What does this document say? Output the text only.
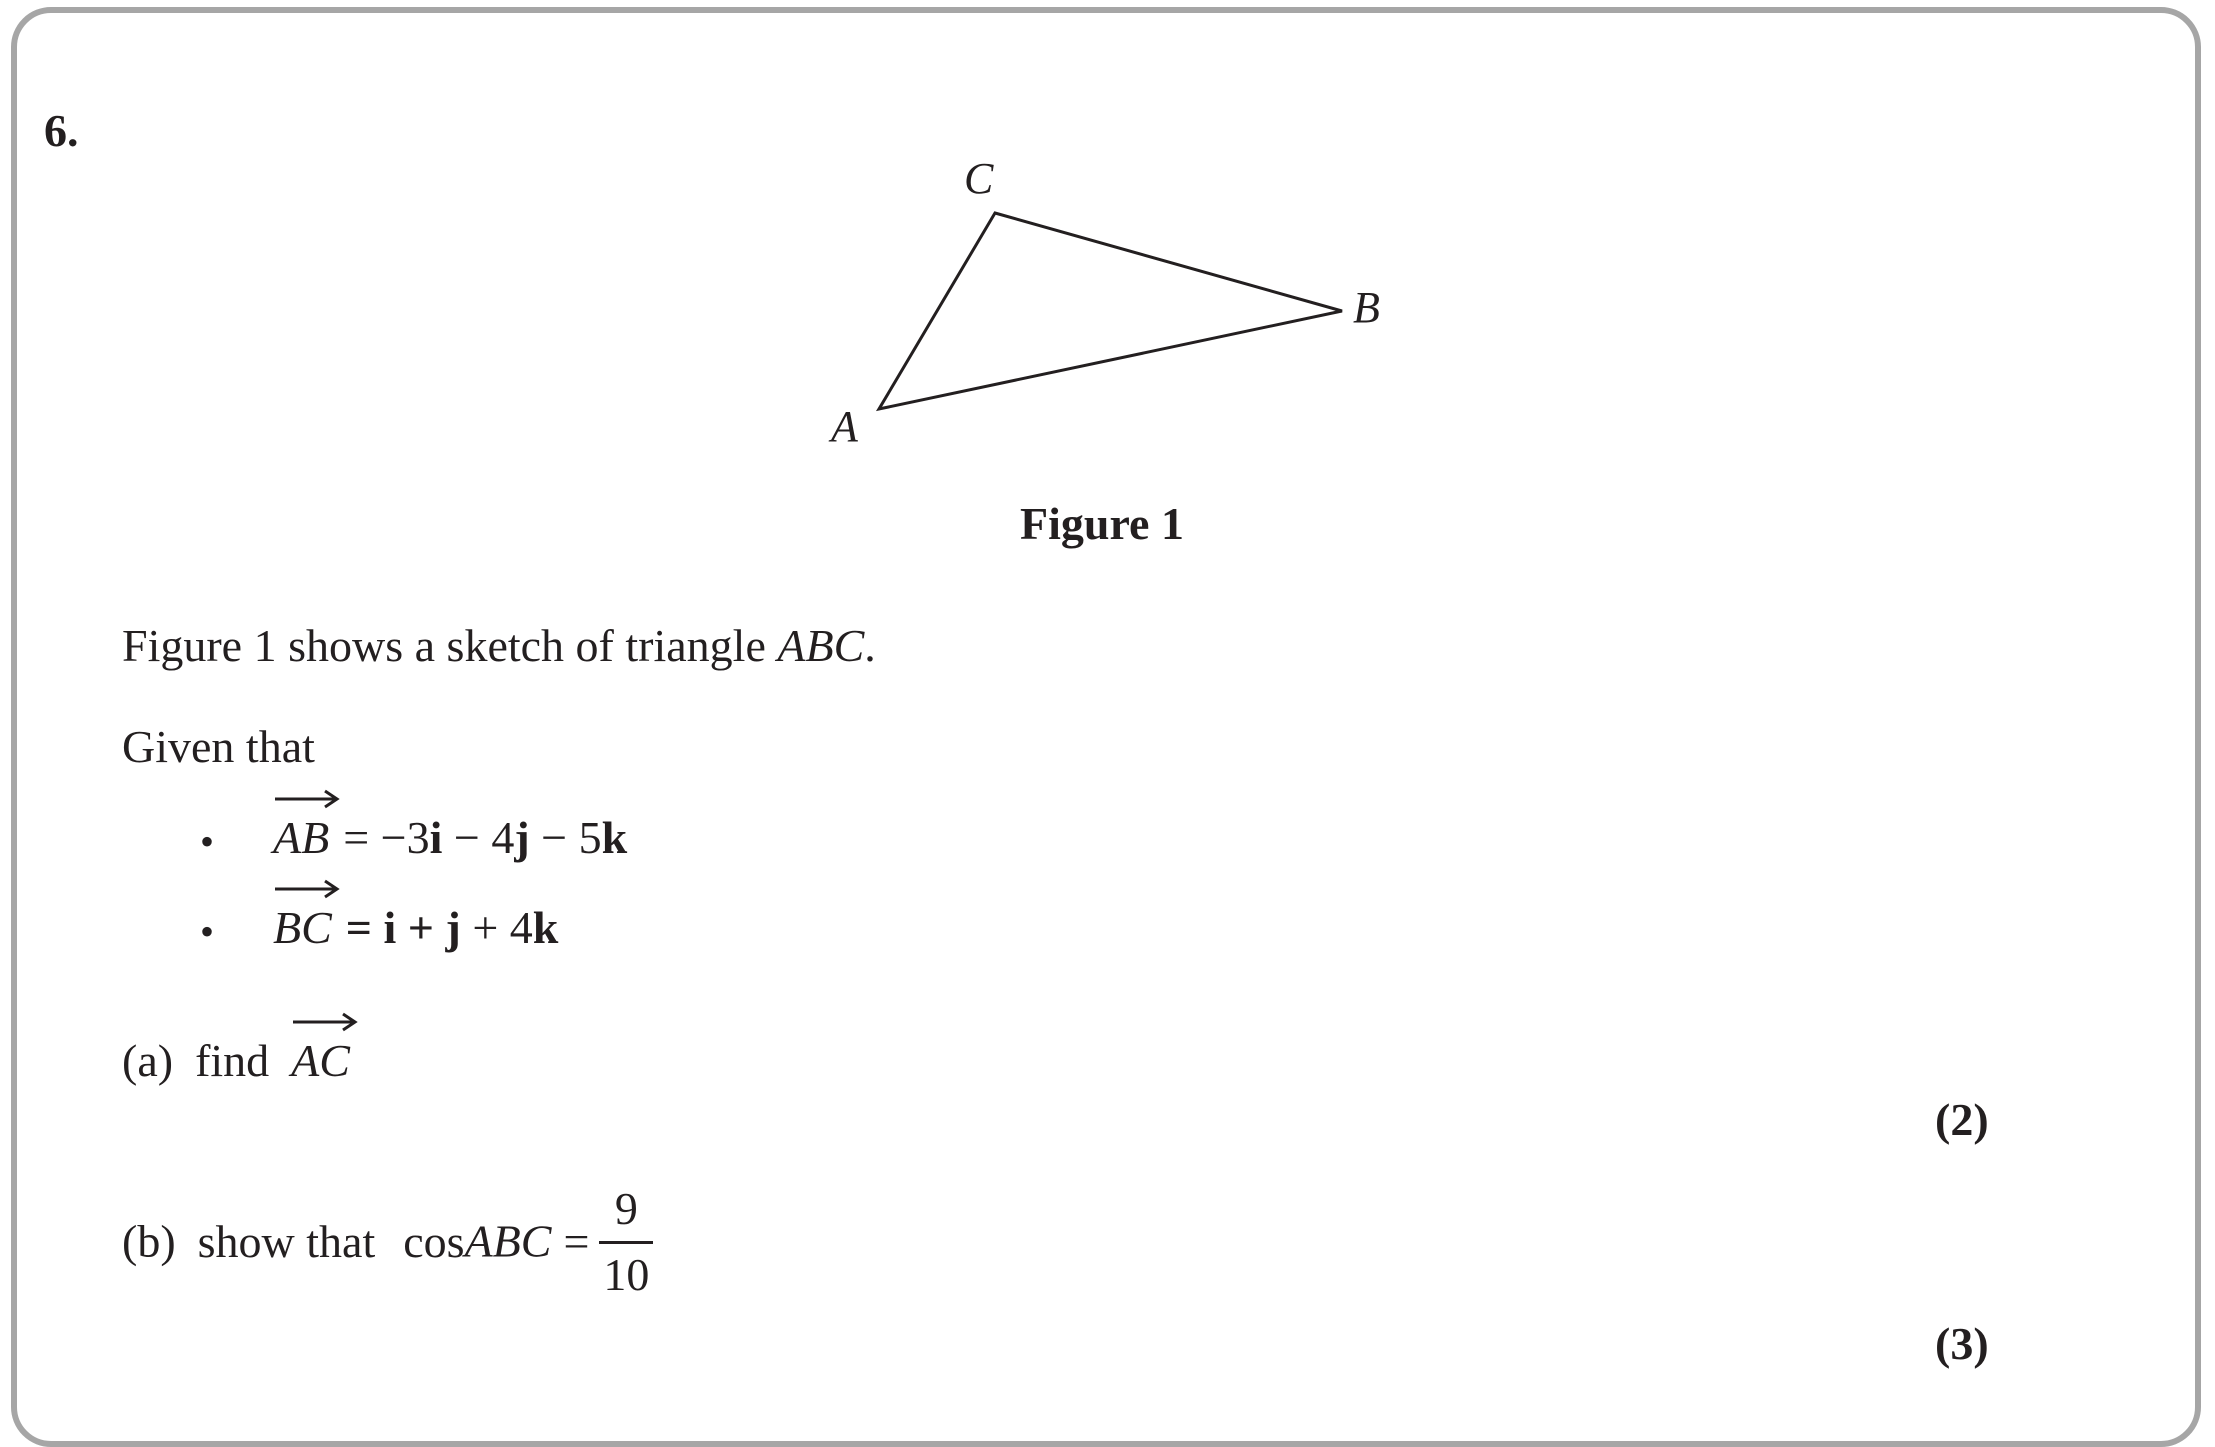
6.
C
B
A
Figure 1
Figure 1 shows a sketch of triangle ABC.
Given that
• AB = −3i − 4j − 5k
• BC = i + j + 4k
(a) find AC
(2)
(b) show that cosABC = $\frac{9}{10}$
(3)
